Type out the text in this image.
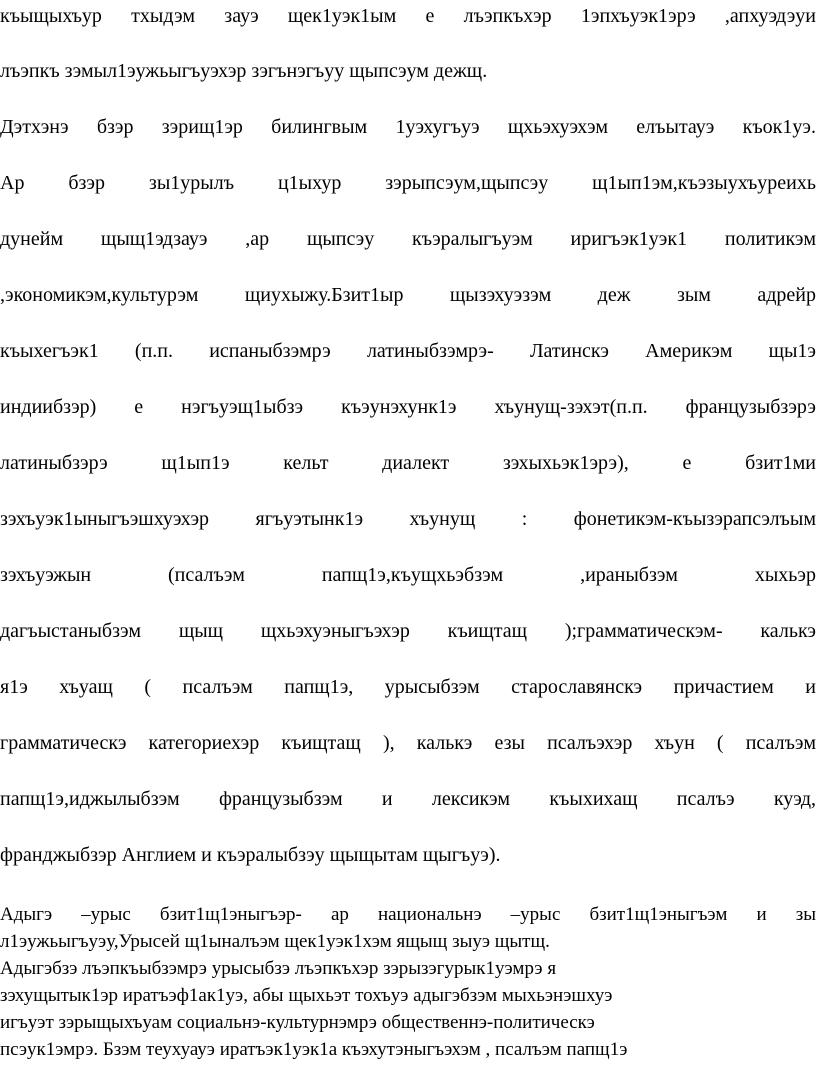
къыщыхъур тхыдэм зауэ щек1уэк1ым е лъэпкъхэр 1эпхъуэк1эрэ ,апхуэдэуи
лъэпкъ зэмыл1эужьыгъуэхэр зэгънэгъуу щыпсэум дежщ.
Дэтхэнэ бзэр зэрищ1эр билингвым 1уэхугъуэ щхьэхуэхэм елъытауэ къок1уэ.
Ар бзэр зы1урылъ ц1ыхур зэрыпсэум,щыпсэу щ1ып1эм,къэзыухъуреихь
дунейм щыщ1эдзауэ ,ар щыпсэу къэралыгъуэм иригъэк1уэк1 политикэм
,экономикэм,культурэм щиухыжу.Бзит1ыр щызэхуэзэм деж зым адрейр
къыхегъэк1 (п.п. испаныбзэмрэ латиныбзэмрэ- Латинскэ Америкэм щы1э
индиибзэр) е нэгъуэщ1ыбзэ къэунэхунк1э хъунущ-зэхэт(п.п. французыбзэрэ
латиныбзэрэ щ1ып1э кельт диалект зэхыхьэк1эрэ), е бзит1ми
зэхъуэк1ыныгъэшхуэхэр ягъуэтынк1э хъунущ : фонетикэм-къызэрапсэлъым
зэхъуэжын (псалъэм папщ1э,къущхьэбзэм ,ираныбзэм хыхьэр
дагъыстаныбзэм щыщ щхьэхуэныгъэхэр къищтащ );грамматическэм- калькэ
я1э хъуащ ( псалъэм папщ1э, урысыбзэм старославянскэ причастием и
грамматическэ категориехэр къищтащ ), калькэ езы псалъэхэр хъун ( псалъэм
папщ1э,иджылыбзэм французыбзэм и лексикэм къыхихащ псалъэ куэд,
франджыбзэр Англием и къэралыбзэу щыщытам щыгъуэ).
Адыгэ –урыс бзит1щ1эныгъэр- ар национальнэ –урыс бзит1щ1эныгъэм и зы
л1эужьыгъуэу,Урысей щ1ыналъэм щек1уэк1хэм ящыщ зыуэ щытщ.
Адыгэбзэ лъэпкъыбзэмрэ урысыбзэ лъэпкъхэр зэрызэгурык1уэмрэ я
зэхущытык1эр иратъэф1ак1уэ, абы щыхьэт тохъуэ адыгэбзэм мыхьэнэшхуэ
игъуэт зэрыщыхъуам социальнэ-культурнэмрэ общественнэ-политическэ
псэук1эмрэ. Бзэм теухуауэ иратъэк1уэк1а къэхутэныгъэхэм , псалъэм папщ1э
